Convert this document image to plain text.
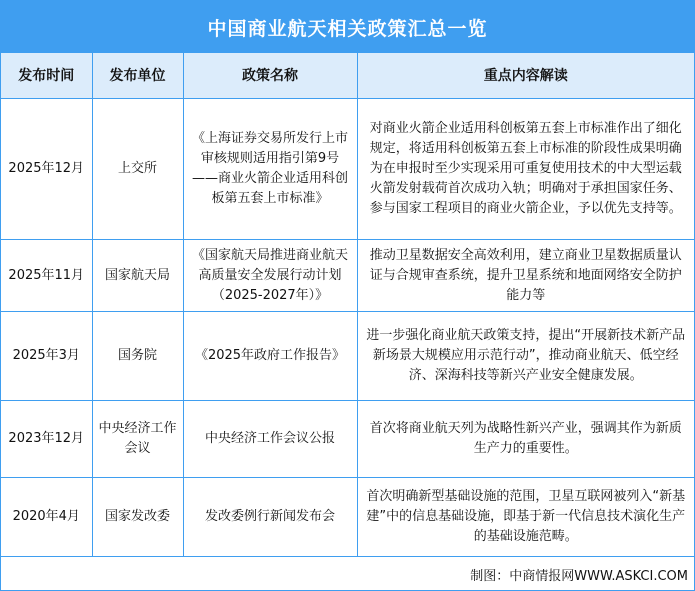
中国商业航天相关政策汇总一览
发布时间	发布单位	政策名称	重点内容解读
2025年12月	上交所	《上海证券交易所发行上市审核规则适用指引第9号——商业火箭企业适用科创板第五套上市标准》	对商业火箭企业适用科创板第五套上市标准作出了细化规定，将适用科创板第五套上市标准的阶段性成果明确为在申报时至少实现采用可重复使用技术的中大型运载火箭发射载荷首次成功入轨；明确对于承担国家任务、参与国家工程项目的商业火箭企业，予以优先支持等。
2025年11月	国家航天局	《国家航天局推进商业航天高质量安全发展行动计划（2025-2027年）》	推动卫星数据安全高效利用，建立商业卫星数据质量认证与合规审查系统，提升卫星系统和地面网络安全防护能力等
2025年3月	国务院	《2025年政府工作报告》	进一步强化商业航天政策支持，提出“开展新技术新产品新场景大规模应用示范行动”，推动商业航天、低空经济、深海科技等新兴产业安全健康发展。
2023年12月	中央经济工作会议	中央经济工作会议公报	首次将商业航天列为战略性新兴产业，强调其作为新质生产力的重要性。
2020年4月	国家发改委	发改委例行新闻发布会	首次明确新型基础设施的范围，卫星互联网被列入“新基建”中的信息基础设施，即基于新一代信息技术演化生产的基础设施范畴。
制图：中商情报网WWW.ASKCI.COM
